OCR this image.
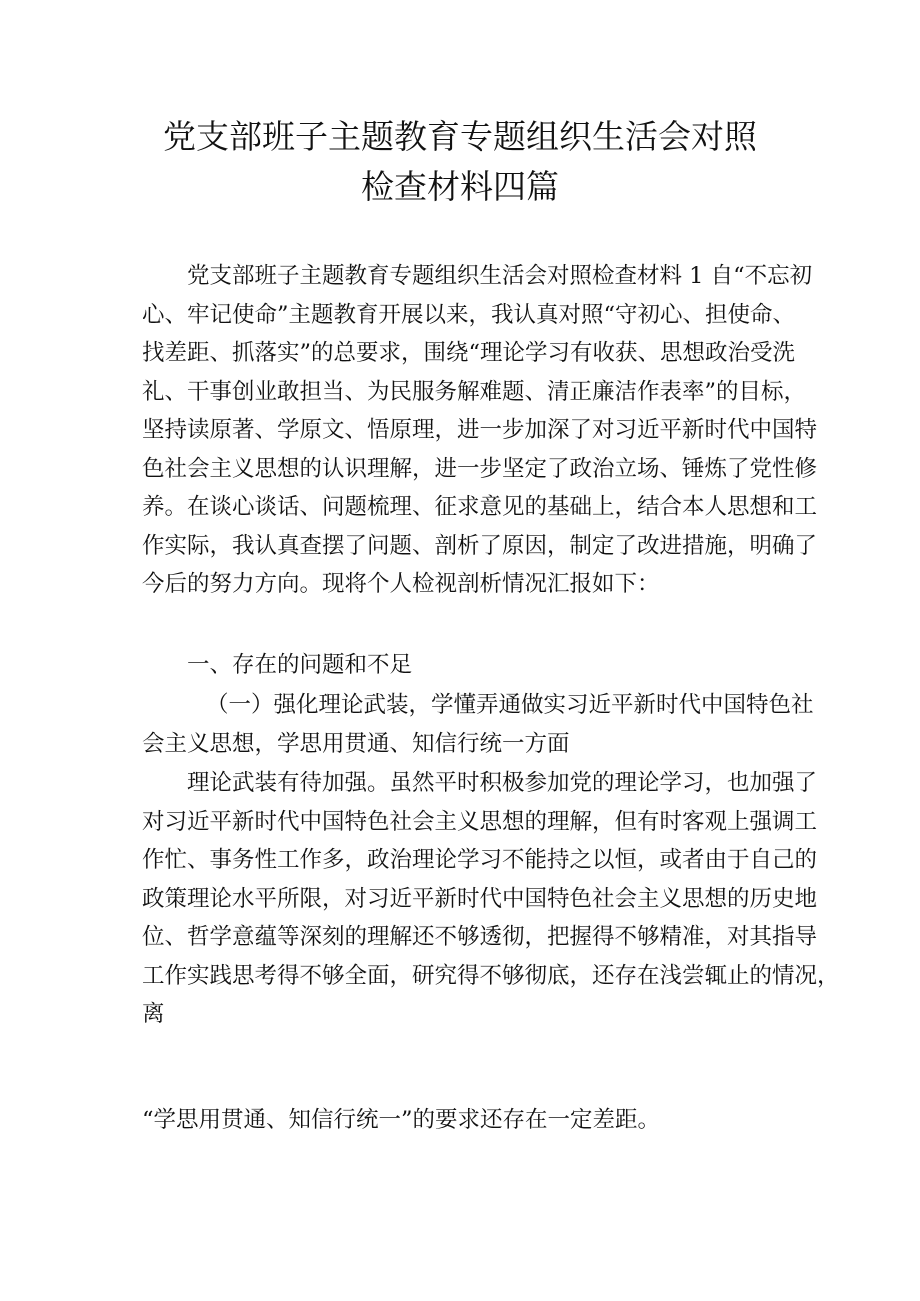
党支部班子主题教育专题组织生活会对照
检查材料四篇
党支部班子主题教育专题组织生活会对照检查材料 1 自“不忘初
心、牢记使命”主题教育开展以来，我认真对照“守初心、担使命、
找差距、抓落实”的总要求，围绕“理论学习有收获、思想政治受洗
礼、干事创业敢担当、为民服务解难题、清正廉洁作表率”的目标，
坚持读原著、学原文、悟原理，进一步加深了对习近平新时代中国特
色社会主义思想的认识理解，进一步坚定了政治立场、锤炼了党性修
养。在谈心谈话、问题梳理、征求意见的基础上，结合本人思想和工
作实际，我认真查摆了问题、剖析了原因，制定了改进措施，明确了
今后的努力方向。现将个人检视剖析情况汇报如下：
一、存在的问题和不足
（一）强化理论武装，学懂弄通做实习近平新时代中国特色社
会主义思想，学思用贯通、知信行统一方面
理论武装有待加强。虽然平时积极参加党的理论学习，也加强了
对习近平新时代中国特色社会主义思想的理解，但有时客观上强调工
作忙、事务性工作多，政治理论学习不能持之以恒，或者由于自己的
政策理论水平所限，对习近平新时代中国特色社会主义思想的历史地
位、哲学意蕴等深刻的理解还不够透彻，把握得不够精准，对其指导
工作实践思考得不够全面，研究得不够彻底，还存在浅尝辄止的情况，
离
“学思用贯通、知信行统一”的要求还存在一定差距。
